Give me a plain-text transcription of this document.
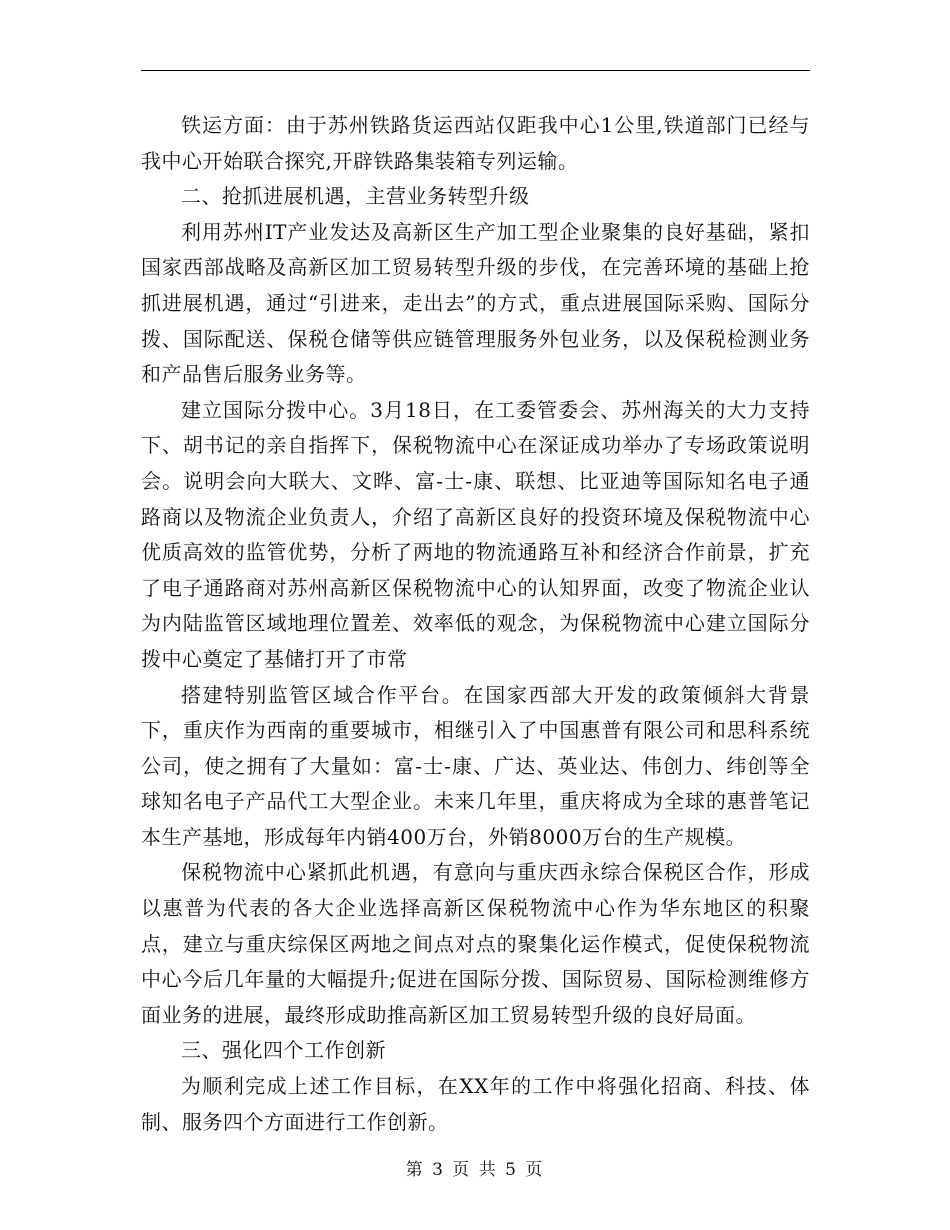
铁运方面：由于苏州铁路货运西站仅距我中心1公里,铁道部门已经与我中心开始联合探究,开辟铁路集装箱专列运输。

二、抢抓进展机遇，主营业务转型升级

利用苏州IT产业发达及高新区生产加工型企业聚集的良好基础，紧扣国家西部战略及高新区加工贸易转型升级的步伐，在完善环境的基础上抢抓进展机遇，通过“引进来，走出去”的方式，重点进展国际采购、国际分拨、国际配送、保税仓储等供应链管理服务外包业务，以及保税检测业务和产品售后服务业务等。

建立国际分拨中心。3月18日，在工委管委会、苏州海关的大力支持下、胡书记的亲自指挥下，保税物流中心在深证成功举办了专场政策说明会。说明会向大联大、文晔、富-士-康、联想、比亚迪等国际知名电子通路商以及物流企业负责人，介绍了高新区良好的投资环境及保税物流中心优质高效的监管优势，分析了两地的物流通路互补和经济合作前景，扩充了电子通路商对苏州高新区保税物流中心的认知界面，改变了物流企业认为内陆监管区域地理位置差、效率低的观念，为保税物流中心建立国际分拨中心奠定了基储打开了市常

搭建特别监管区域合作平台。在国家西部大开发的政策倾斜大背景下，重庆作为西南的重要城市，相继引入了中国惠普有限公司和思科系统公司，使之拥有了大量如：富-士-康、广达、英业达、伟创力、纬创等全球知名电子产品代工大型企业。未来几年里，重庆将成为全球的惠普笔记本生产基地，形成每年内销400万台，外销8000万台的生产规模。

保税物流中心紧抓此机遇，有意向与重庆西永综合保税区合作，形成以惠普为代表的各大企业选择高新区保税物流中心作为华东地区的积聚点，建立与重庆综保区两地之间点对点的聚集化运作模式，促使保税物流中心今后几年量的大幅提升;促进在国际分拨、国际贸易、国际检测维修方面业务的进展，最终形成助推高新区加工贸易转型升级的良好局面。

三、强化四个工作创新

为顺利完成上述工作目标，在XX年的工作中将强化招商、科技、体制、服务四个方面进行工作创新。

第 3 页 共 5 页
